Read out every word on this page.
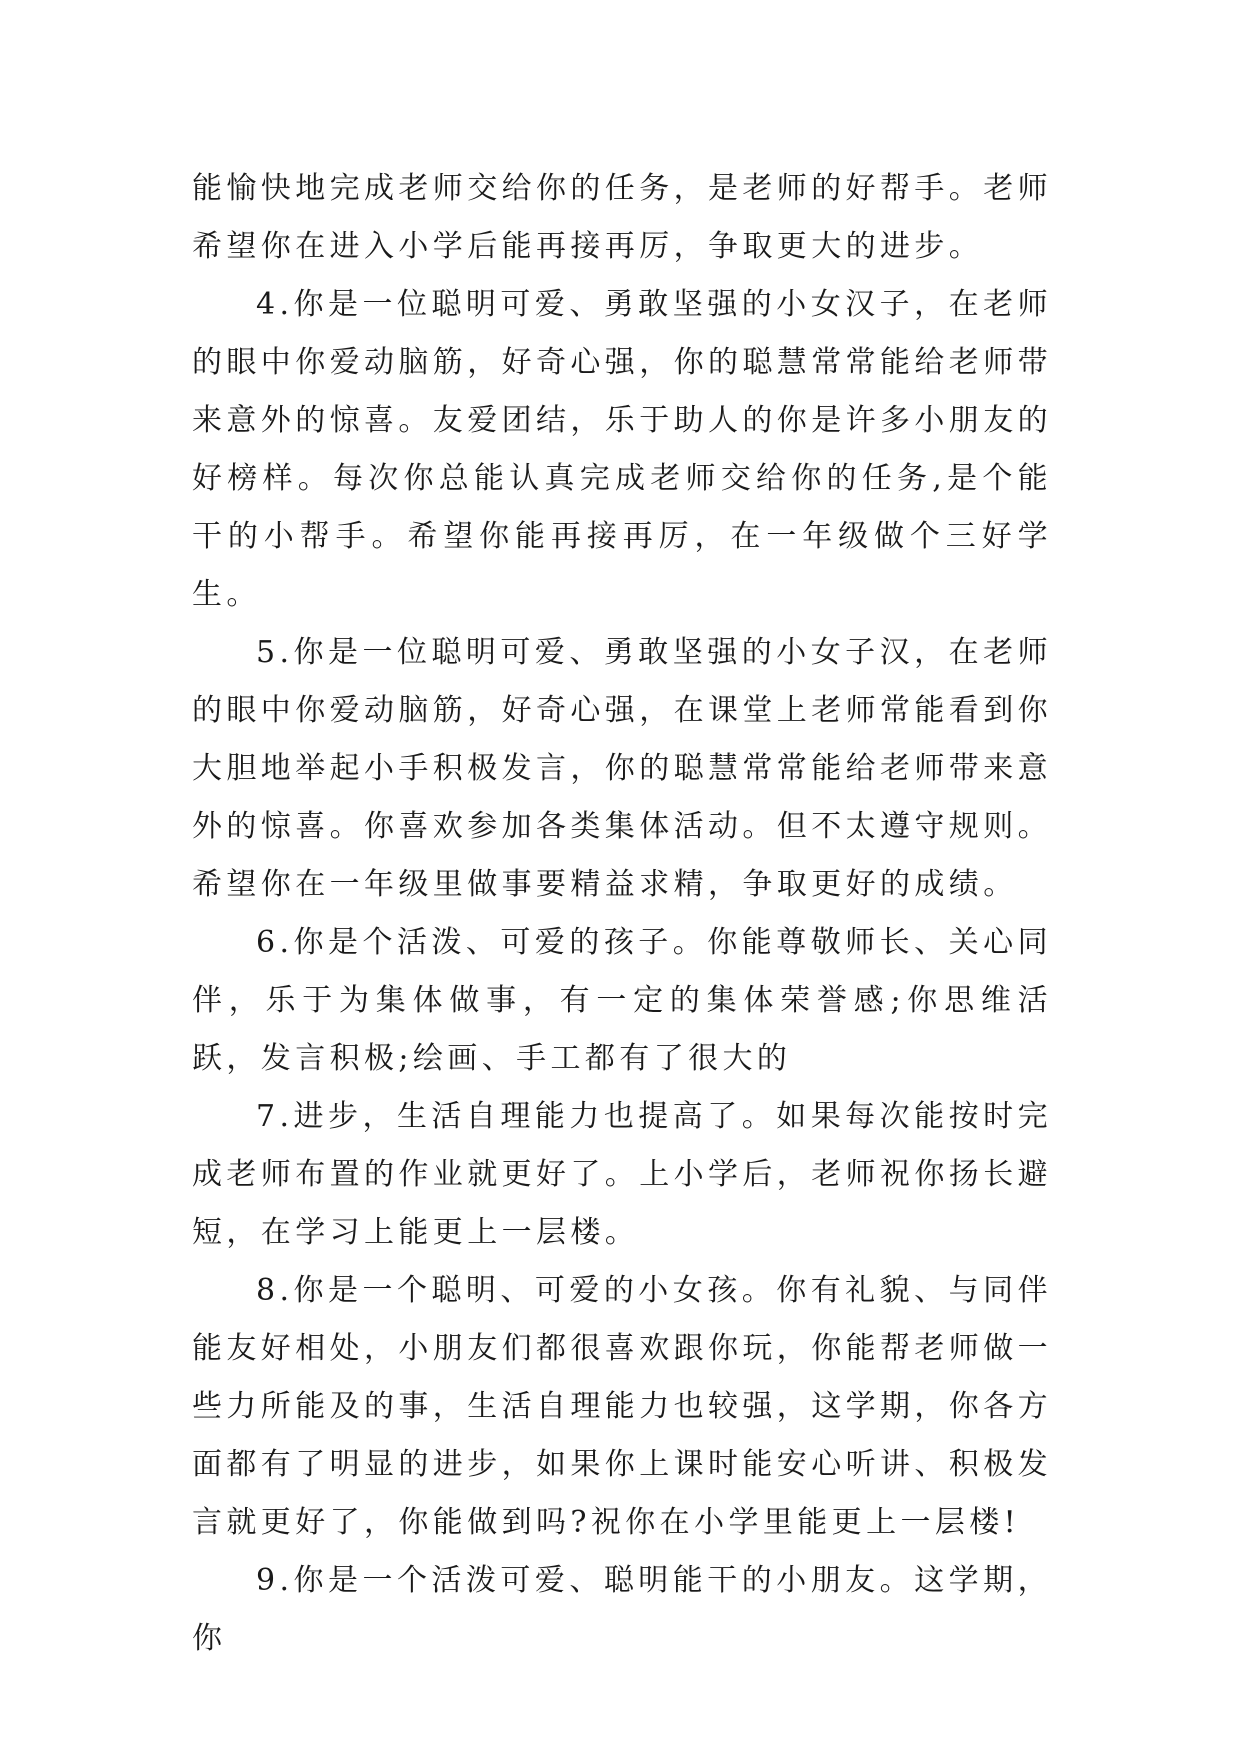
能愉快地完成老师交给你的任务，是老师的好帮手。老师希望你在进入小学后能再接再厉，争取更大的进步。

4.你是一位聪明可爱、勇敢坚强的小女汉子，在老师的眼中你爱动脑筋，好奇心强，你的聪慧常常能给老师带来意外的惊喜。友爱团结，乐于助人的你是许多小朋友的好榜样。每次你总能认真完成老师交给你的任务,是个能干的小帮手。希望你能再接再厉，在一年级做个三好学生。

5.你是一位聪明可爱、勇敢坚强的小女子汉，在老师的眼中你爱动脑筋，好奇心强，在课堂上老师常能看到你大胆地举起小手积极发言，你的聪慧常常能给老师带来意外的惊喜。你喜欢参加各类集体活动。但不太遵守规则。希望你在一年级里做事要精益求精，争取更好的成绩。

6.你是个活泼、可爱的孩子。你能尊敬师长、关心同伴，乐于为集体做事，有一定的集体荣誉感;你思维活跃，发言积极;绘画、手工都有了很大的

7.进步，生活自理能力也提高了。如果每次能按时完成老师布置的作业就更好了。上小学后，老师祝你扬长避短，在学习上能更上一层楼。

8.你是一个聪明、可爱的小女孩。你有礼貌、与同伴能友好相处，小朋友们都很喜欢跟你玩，你能帮老师做一些力所能及的事，生活自理能力也较强，这学期，你各方面都有了明显的进步，如果你上课时能安心听讲、积极发言就更好了，你能做到吗?祝你在小学里能更上一层楼!

9.你是一个活泼可爱、聪明能干的小朋友。这学期，你
